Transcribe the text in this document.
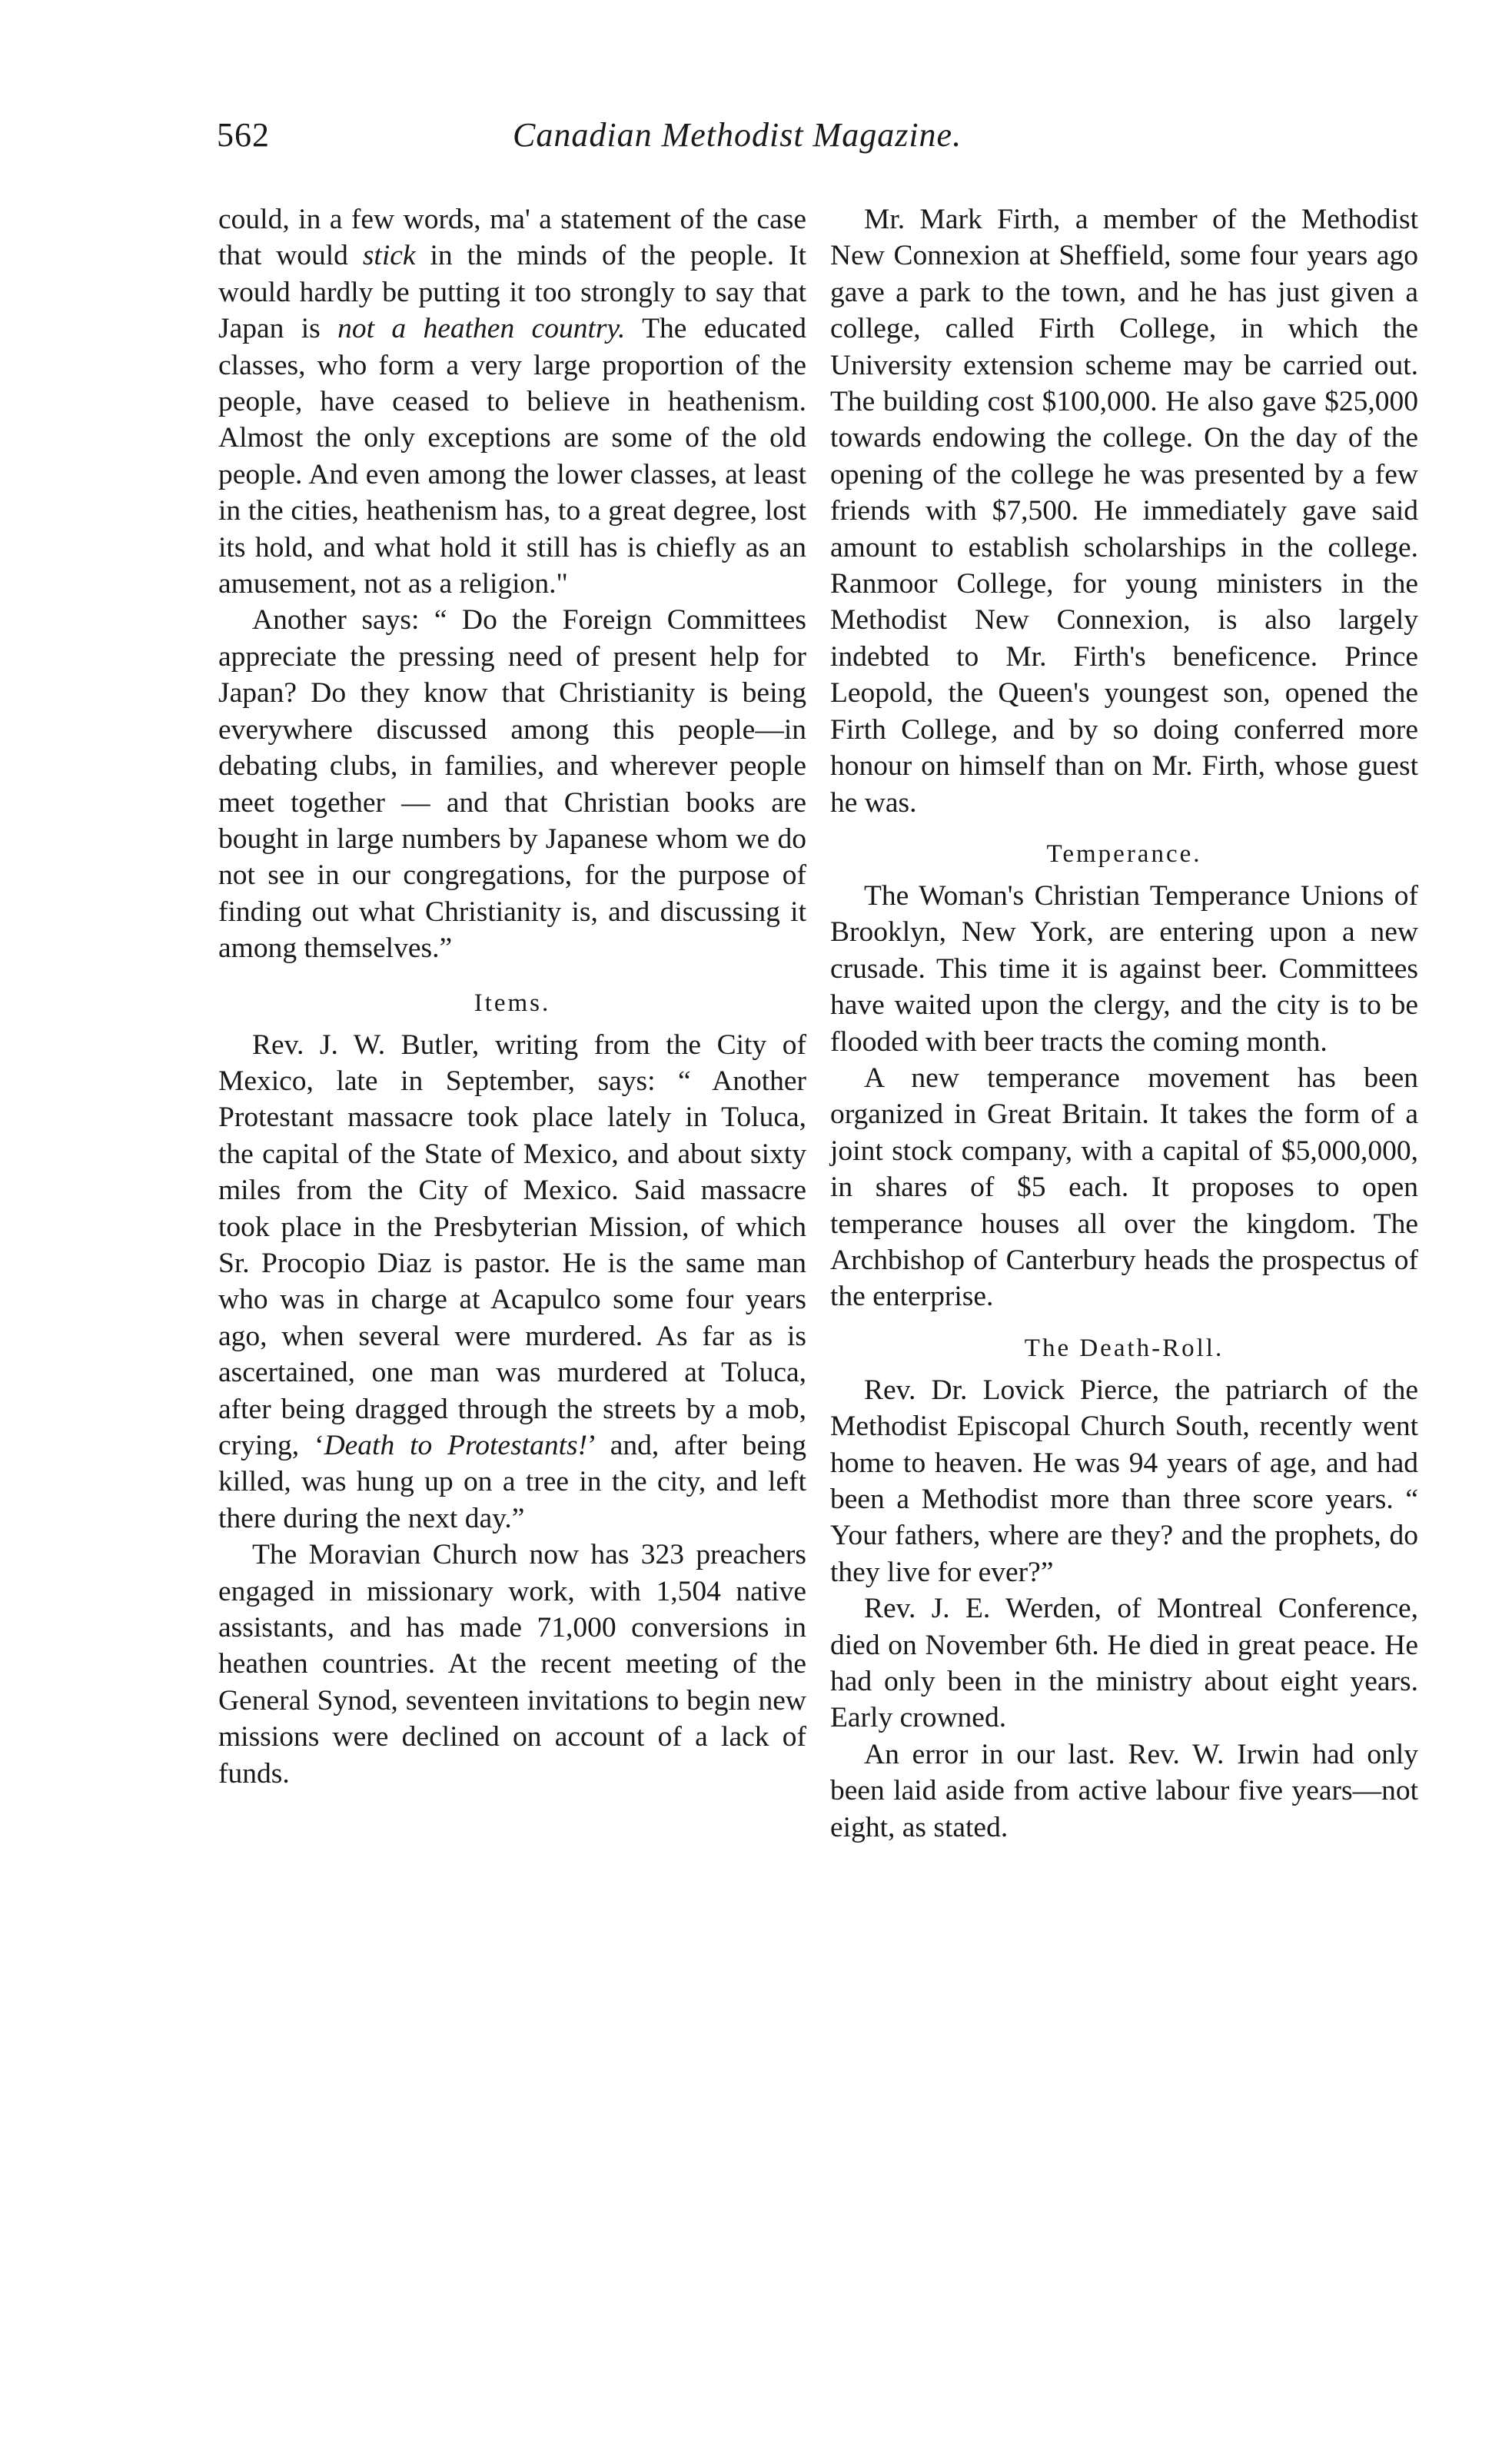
562	Canadian Methodist Magazine.

could, in a few words, ma' a statement of the case that would stick in the minds of the people. It would hardly be putting it too strongly to say that Japan is not a heathen country. The educated classes, who form a very large proportion of the people, have ceased to believe in heathenism. Almost the only exceptions are some of the old people. And even among the lower classes, at least in the cities, heathenism has, to a great degree, lost its hold, and what hold it still has is chiefly as an amusement, not as a religion."

Another says: “ Do the Foreign Committees appreciate the pressing need of present help for Japan? Do they know that Christianity is being everywhere discussed among this people—in debating clubs, in families, and wherever people meet together — and that Christian books are bought in large numbers by Japanese whom we do not see in our congregations, for the purpose of finding out what Christianity is, and discussing it among themselves.”

Items.

Rev. J. W. Butler, writing from the City of Mexico, late in September, says: “ Another Protestant massacre took place lately in Toluca, the capital of the State of Mexico, and about sixty miles from the City of Mexico. Said massacre took place in the Presbyterian Mission, of which Sr. Procopio Diaz is pastor. He is the same man who was in charge at Acapulco some four years ago, when several were murdered. As far as is ascertained, one man was murdered at Toluca, after being dragged through the streets by a mob, crying, ‘Death to Protestants!’ and, after being killed, was hung up on a tree in the city, and left there during the next day.”

The Moravian Church now has 323 preachers engaged in missionary work, with 1,504 native assistants, and has made 71,000 conversions in heathen countries. At the recent meeting of the General Synod, seventeen invitations to begin new missions were declined on account of a lack of funds.

Mr. Mark Firth, a member of the Methodist New Connexion at Sheffield, some four years ago gave a park to the town, and he has just given a college, called Firth College, in which the University extension scheme may be carried out. The building cost $100,000. He also gave $25,000 towards endowing the college. On the day of the opening of the college he was presented by a few friends with $7,500. He immediately gave said amount to establish scholarships in the college. Ranmoor College, for young ministers in the Methodist New Connexion, is also largely indebted to Mr. Firth's beneficence. Prince Leopold, the Queen's youngest son, opened the Firth College, and by so doing conferred more honour on himself than on Mr. Firth, whose guest he was.

Temperance.

The Woman's Christian Temperance Unions of Brooklyn, New York, are entering upon a new crusade. This time it is against beer. Committees have waited upon the clergy, and the city is to be flooded with beer tracts the coming month.

A new temperance movement has been organized in Great Britain. It takes the form of a joint stock company, with a capital of $5,000,000, in shares of $5 each. It proposes to open temperance houses all over the kingdom. The Archbishop of Canterbury heads the prospectus of the enterprise.

The Death-Roll.

Rev. Dr. Lovick Pierce, the patriarch of the Methodist Episcopal Church South, recently went home to heaven. He was 94 years of age, and had been a Methodist more than three score years. “ Your fathers, where are they? and the prophets, do they live for ever?”

Rev. J. E. Werden, of Montreal Conference, died on November 6th. He died in great peace. He had only been in the ministry about eight years. Early crowned.

An error in our last. Rev. W. Irwin had only been laid aside from active labour five years—not eight, as stated.
